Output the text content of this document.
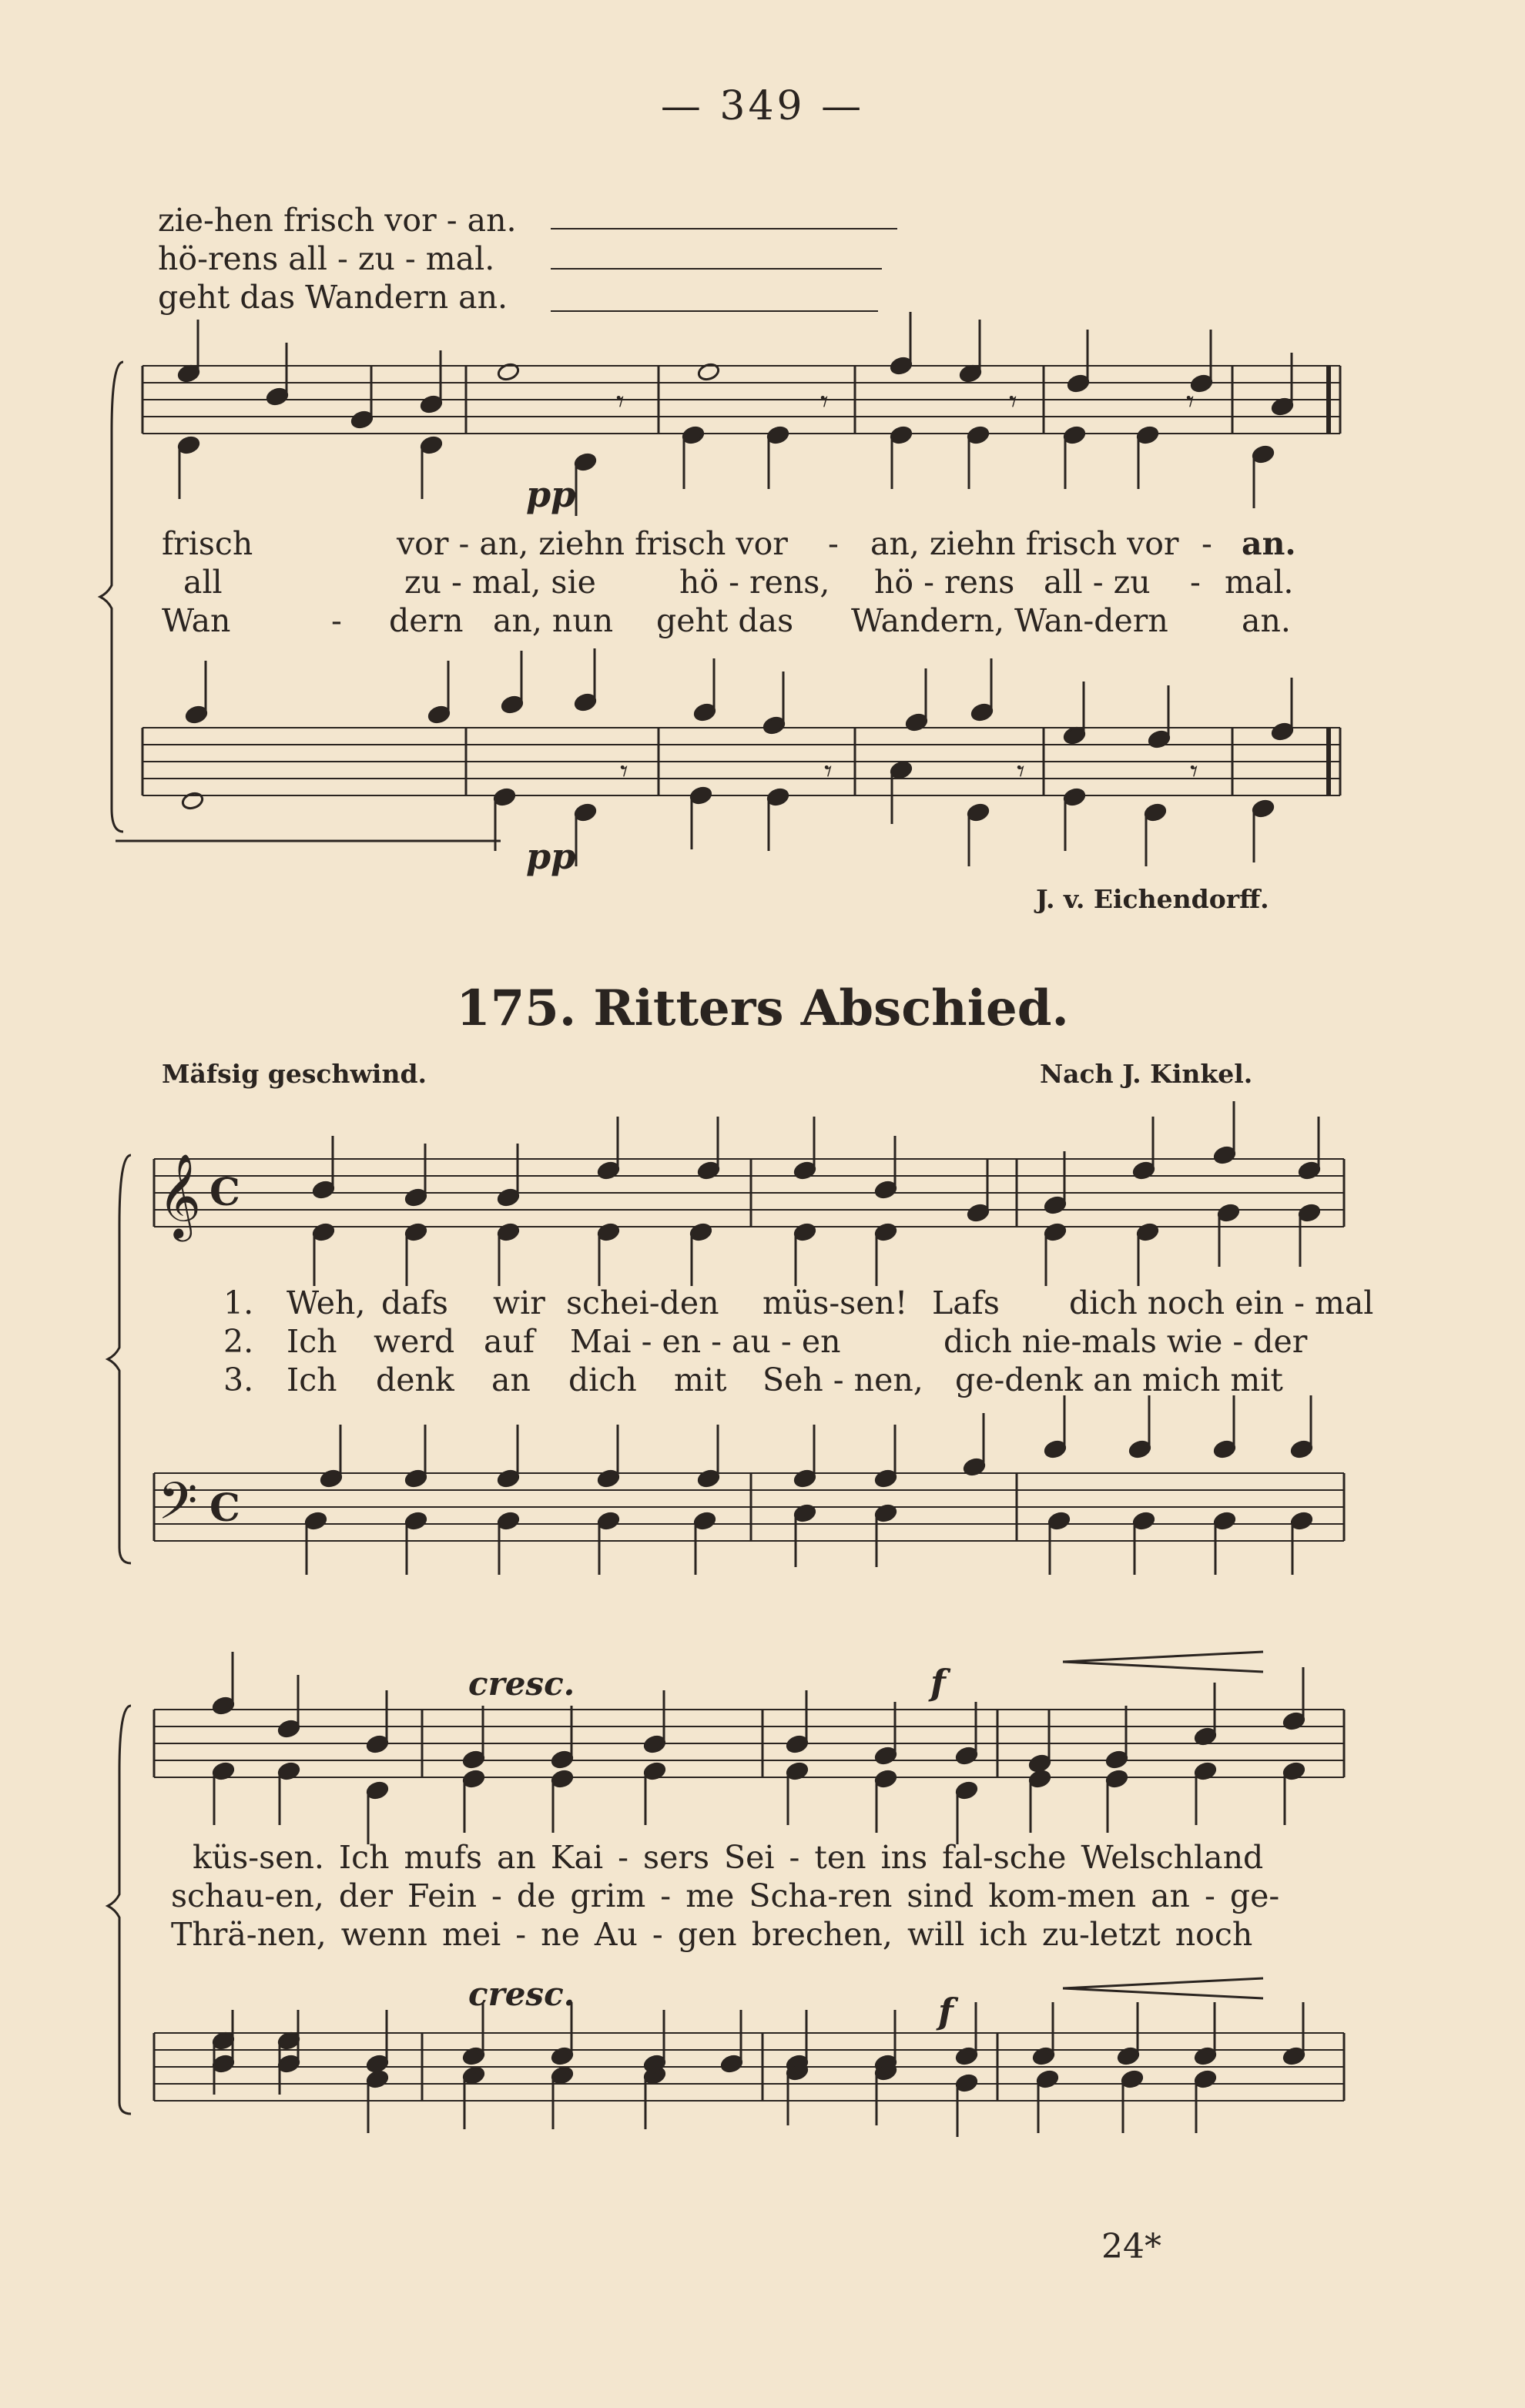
— 349 —
zie-hen frisch vor - an.
hö-rens all - zu - mal.
geht das Wandern an.
frisch	vor - an, ziehn frisch vor - an, ziehn frisch vor - an.
all	zu - mal, sie	hö - rens, hö - rens all - zu - mal.
Wan	- dern an, nun geht das Wandern, Wan-dern an.
pp
pp
J. v. Eichendorff.
175. Ritters Abschied.
Mäfsig geschwind.	Nach J. Kinkel.
1. Weh, dafs wir schei-den müs-sen! Lafs dich noch ein - mal
2. Ich werd auf Mai - en - au - en	dich nie-mals wie - der
3. Ich denk an dich mit Seh - nen, ge-denk an mich mit
küs-sen. Ich mufs an Kai - sers Sei - ten ins fal-sche Welschland
schau-en, der Fein - de grim - me Scha-ren sind kom-men an - ge-
Thrä-nen, wenn mei - ne Au - gen brechen, will ich zu-letzt noch
cresc.
cresc.
f
f
24*
𝄾	𝄾	𝄾	𝄾
𝄾	𝄾	𝄾	𝄾
𝄞 C
𝄢 C
